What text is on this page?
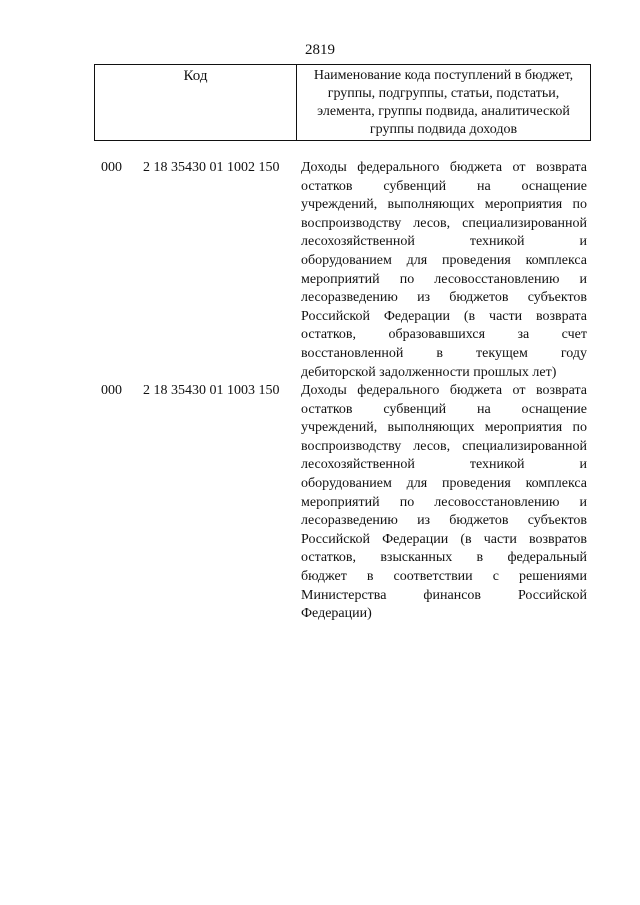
2819
Код	Наименование кода поступлений в бюджет, группы, подгруппы, статьи, подстатьи, элемента, группы подвида, аналитической группы подвида доходов
000 2 18 35430 01 1002 150 Доходы федерального бюджета от возврата
остатков субвенций на оснащение
учреждений, выполняющих мероприятия по
воспроизводству лесов, специализированной
лесохозяйственной техникой и
оборудованием для проведения комплекса
мероприятий по лесовосстановлению и
лесоразведению из бюджетов субъектов
Российской Федерации (в части возврата
остатков, образовавшихся за счет
восстановленной в текущем году
дебиторской задолженности прошлых лет)
000 2 18 35430 01 1003 150 Доходы федерального бюджета от возврата
остатков субвенций на оснащение
учреждений, выполняющих мероприятия по
воспроизводству лесов, специализированной
лесохозяйственной техникой и
оборудованием для проведения комплекса
мероприятий по лесовосстановлению и
лесоразведению из бюджетов субъектов
Российской Федерации (в части возвратов
остатков, взысканных в федеральный
бюджет в соответствии с решениями
Министерства финансов Российской
Федерации)
